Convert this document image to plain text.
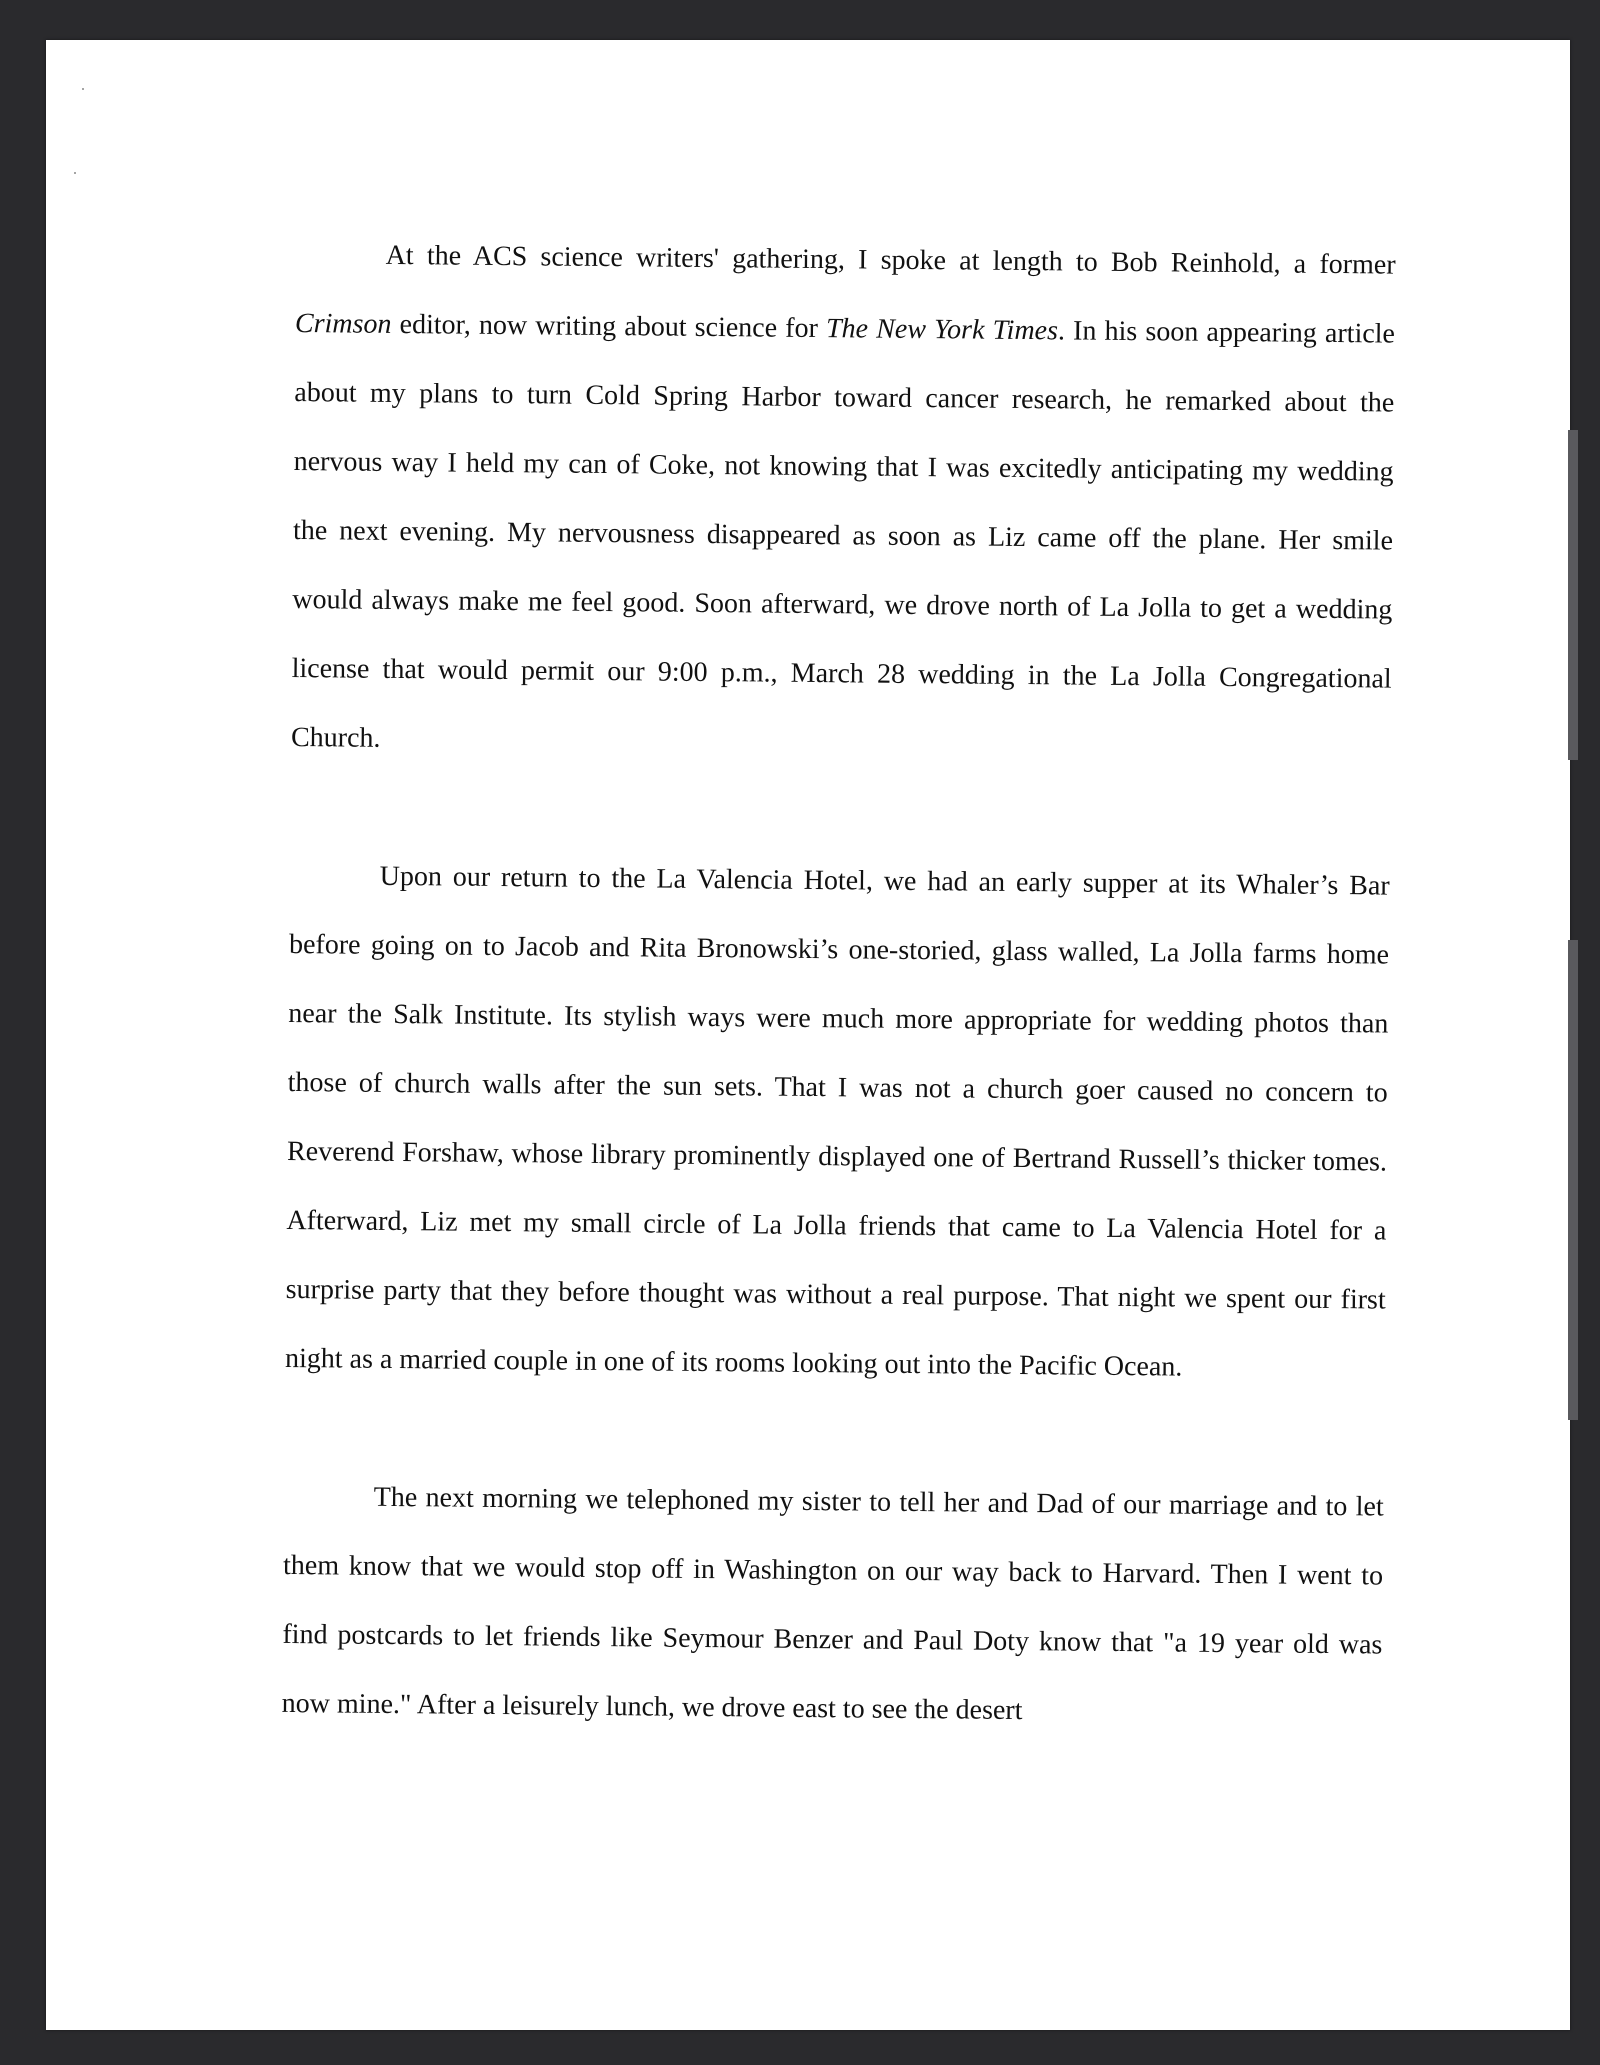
At the ACS science writers' gathering, I spoke at length to Bob Reinhold, a former Crimson editor, now writing about science for The New York Times. In his soon appearing article about my plans to turn Cold Spring Harbor toward cancer research, he remarked about the nervous way I held my can of Coke, not knowing that I was excitedly anticipating my wedding the next evening. My nervousness disappeared as soon as Liz came off the plane. Her smile would always make me feel good. Soon afterward, we drove north of La Jolla to get a wedding license that would permit our 9:00 p.m., March 28 wedding in the La Jolla Congregational Church.

Upon our return to the La Valencia Hotel, we had an early supper at its Whaler’s Bar before going on to Jacob and Rita Bronowski’s one-storied, glass walled, La Jolla farms home near the Salk Institute. Its stylish ways were much more appropriate for wedding photos than those of church walls after the sun sets. That I was not a church goer caused no concern to Reverend Forshaw, whose library prominently displayed one of Bertrand Russell’s thicker tomes. Afterward, Liz met my small circle of La Jolla friends that came to La Valencia Hotel for a surprise party that they before thought was without a real purpose. That night we spent our first night as a married couple in one of its rooms looking out into the Pacific Ocean.

The next morning we telephoned my sister to tell her and Dad of our marriage and to let them know that we would stop off in Washington on our way back to Harvard. Then I went to find postcards to let friends like Seymour Benzer and Paul Doty know that "a 19 year old was now mine." After a leisurely lunch, we drove east to see the desert
